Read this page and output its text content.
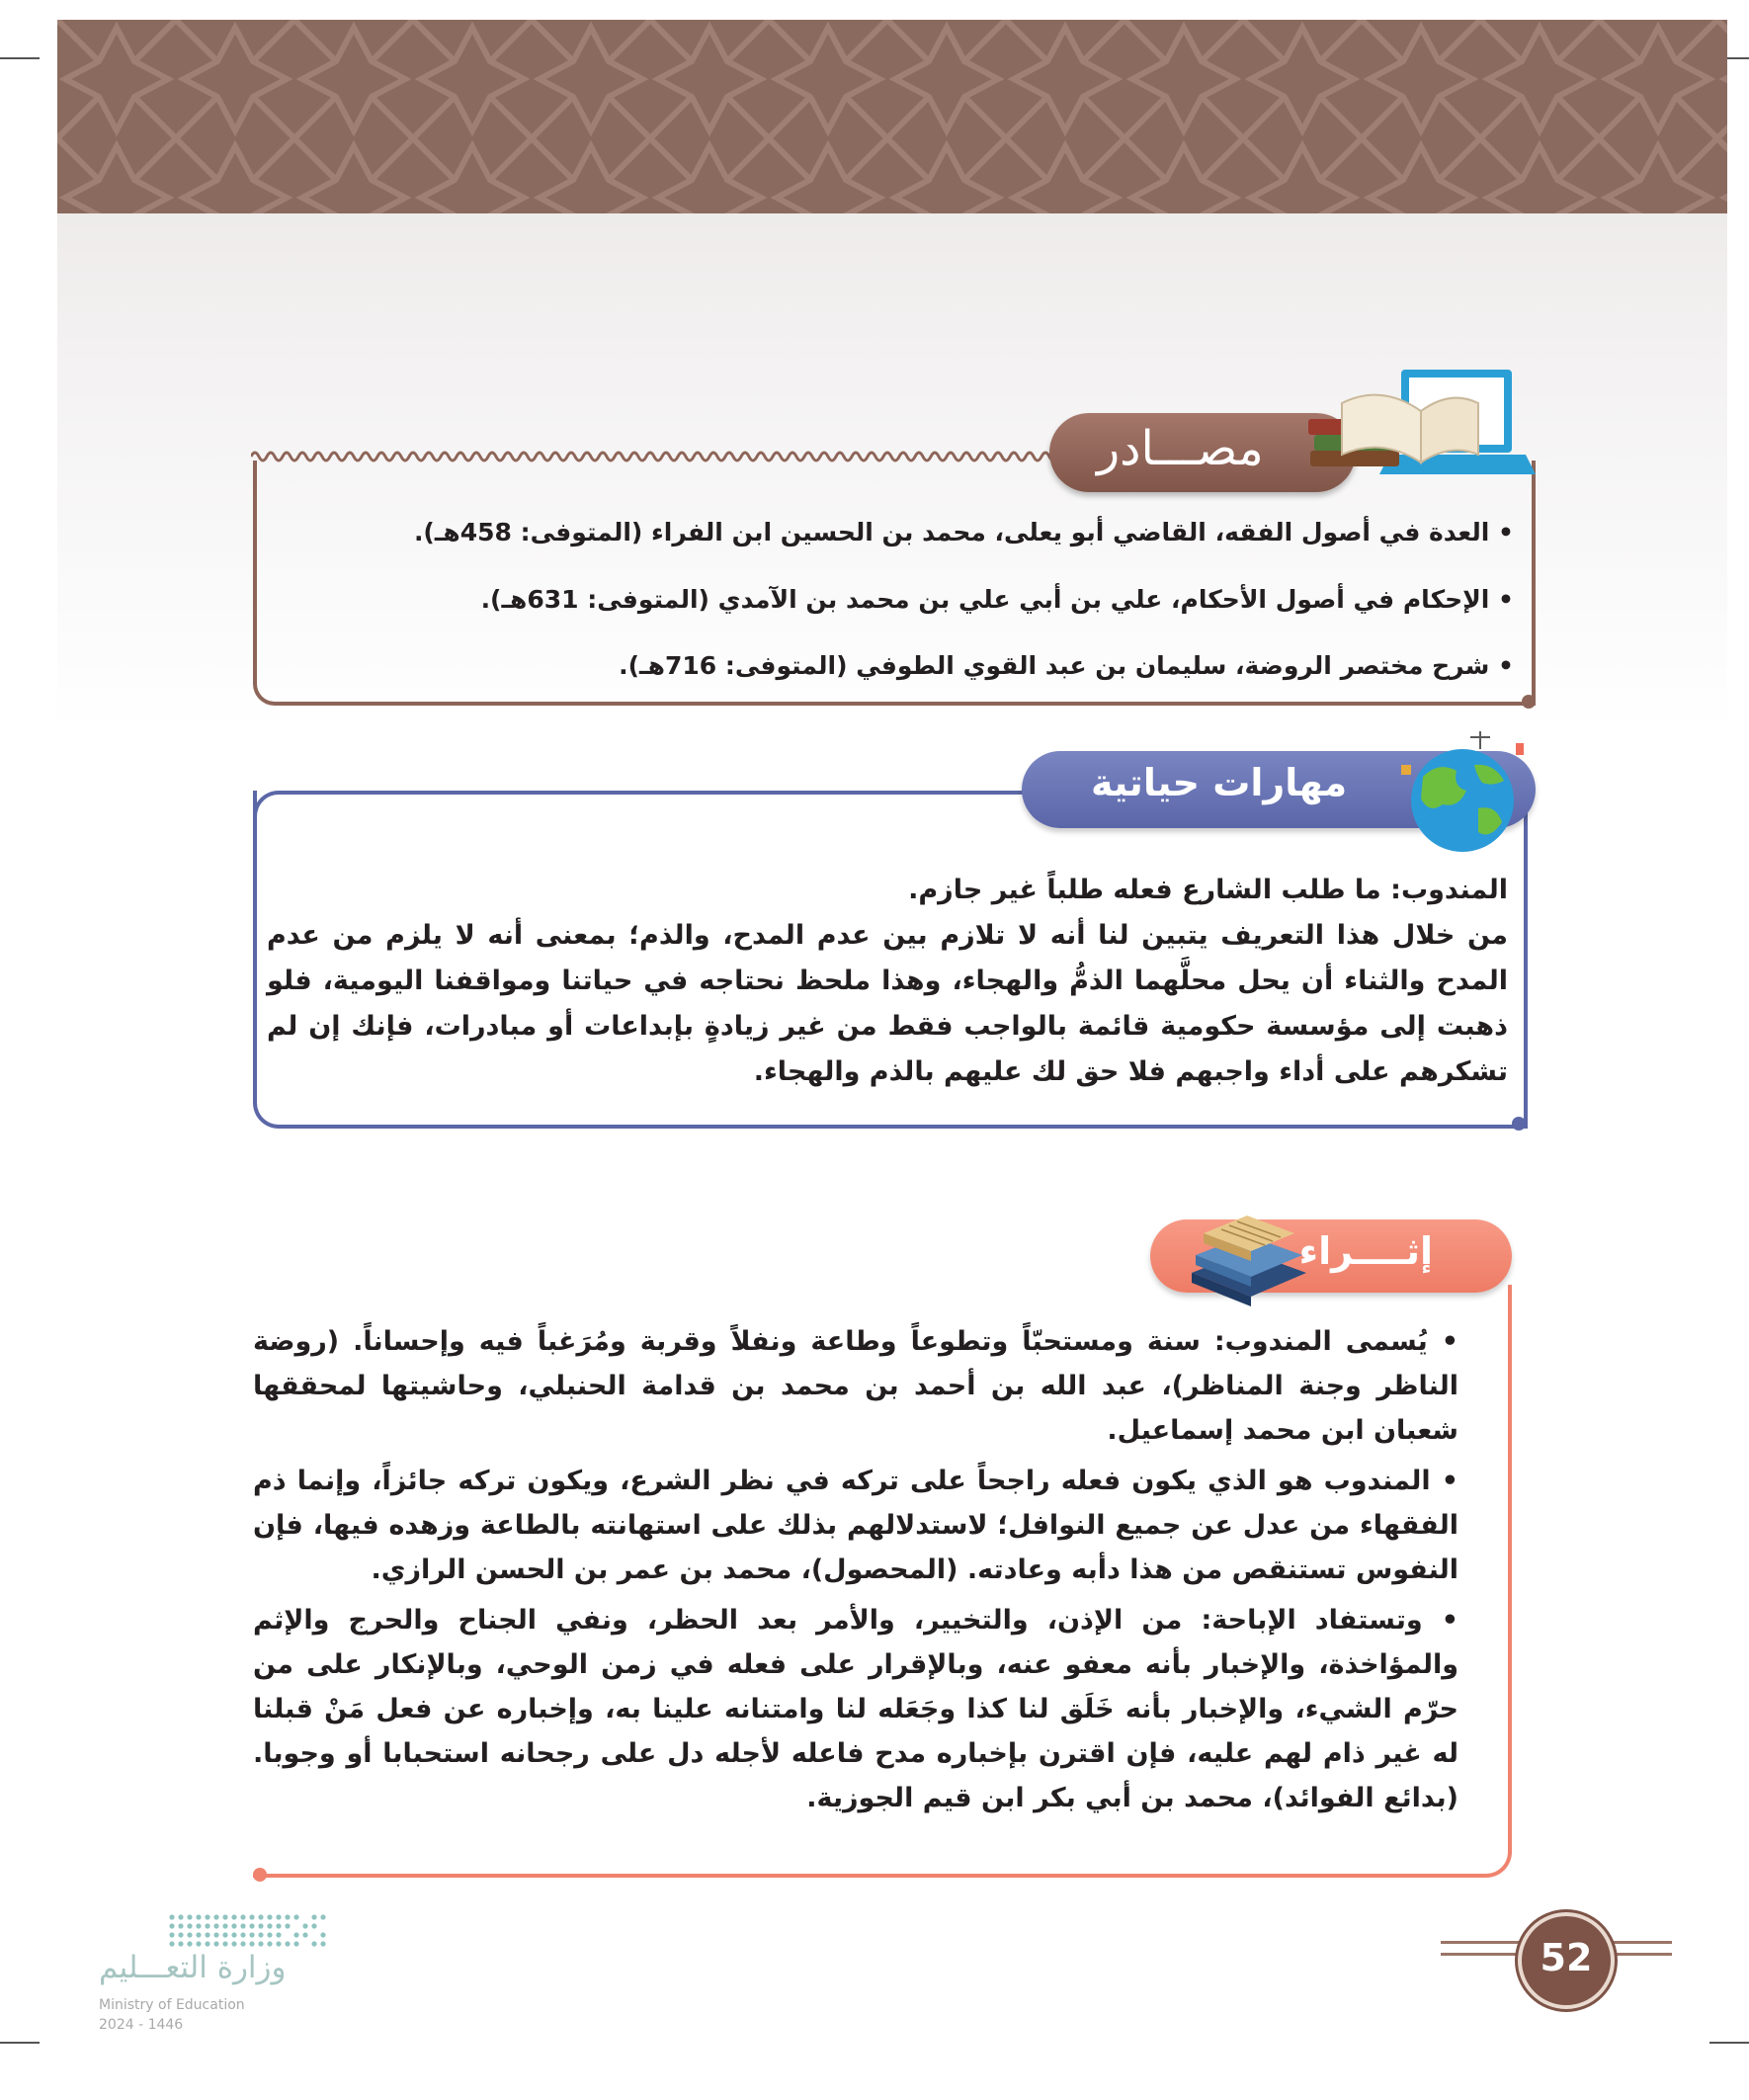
مصـــادر
• العدة في أصول الفقه، القاضي أبو يعلى، محمد بن الحسين ابن الفراء (المتوفى: 458هـ).
• الإحكام في أصول الأحكام، علي بن أبي علي بن محمد بن الآمدي (المتوفى: 631هـ).
• شرح مختصر الروضة، سليمان بن عبد القوي الطوفي (المتوفى: 716هـ).
مهارات حياتية
المندوب: ما طلب الشارع فعله طلباً غير جازم.
من خلال هذا التعريف يتبين لنا أنه لا تلازم بين عدم المدح، والذم؛ بمعنى أنه لا يلزم من عدم المدح والثناء أن يحل محلَّهما الذمُّ والهجاء، وهذا ملحظ نحتاجه في حياتنا ومواقفنا اليومية، فلو ذهبت إلى مؤسسة حكومية قائمة بالواجب فقط من غير زيادةٍ بإبداعات أو مبادرات، فإنك إن لم تشكرهم على أداء واجبهم فلا حق لك عليهم بالذم والهجاء.
إثــــراء

• يُسمى المندوب: سنة ومستحبّاً وتطوعاً وطاعة ونفلاً وقربة ومُرَغباً فيه وإحساناً. (روضة الناظر وجنة المناظر)، عبد الله بن أحمد بن محمد بن قدامة الحنبلي، وحاشيتها لمحققها شعبان ابن محمد إسماعيل.

• المندوب هو الذي يكون فعله راجحاً على تركه في نظر الشرع، ويكون تركه جائزاً، وإنما ذم الفقهاء من عدل عن جميع النوافل؛ لاستدلالهم بذلك على استهانته بالطاعة وزهده فيها، فإن النفوس تستنقص من هذا دأبه وعادته. (المحصول)، محمد بن عمر بن الحسن الرازي.

• وتستفاد الإباحة: من الإذن، والتخيير، والأمر بعد الحظر، ونفي الجناح والحرج والإثم والمؤاخذة، والإخبار بأنه معفو عنه، وبالإقرار على فعله في زمن الوحي، وبالإنكار على من حرّم الشيء، والإخبار بأنه خَلَق لنا كذا وجَعَله لنا وامتنانه علينا به، وإخباره عن فعل مَنْ قبلنا له غير ذام لهم عليه، فإن اقترن بإخباره مدح فاعله لأجله دل على رجحانه استحبابا أو وجوبا. (بدائع الفوائد)، محمد بن أبي بكر ابن قيم الجوزية.

52
وزارة التعـــليم
Ministry of Education
2024 - 1446
